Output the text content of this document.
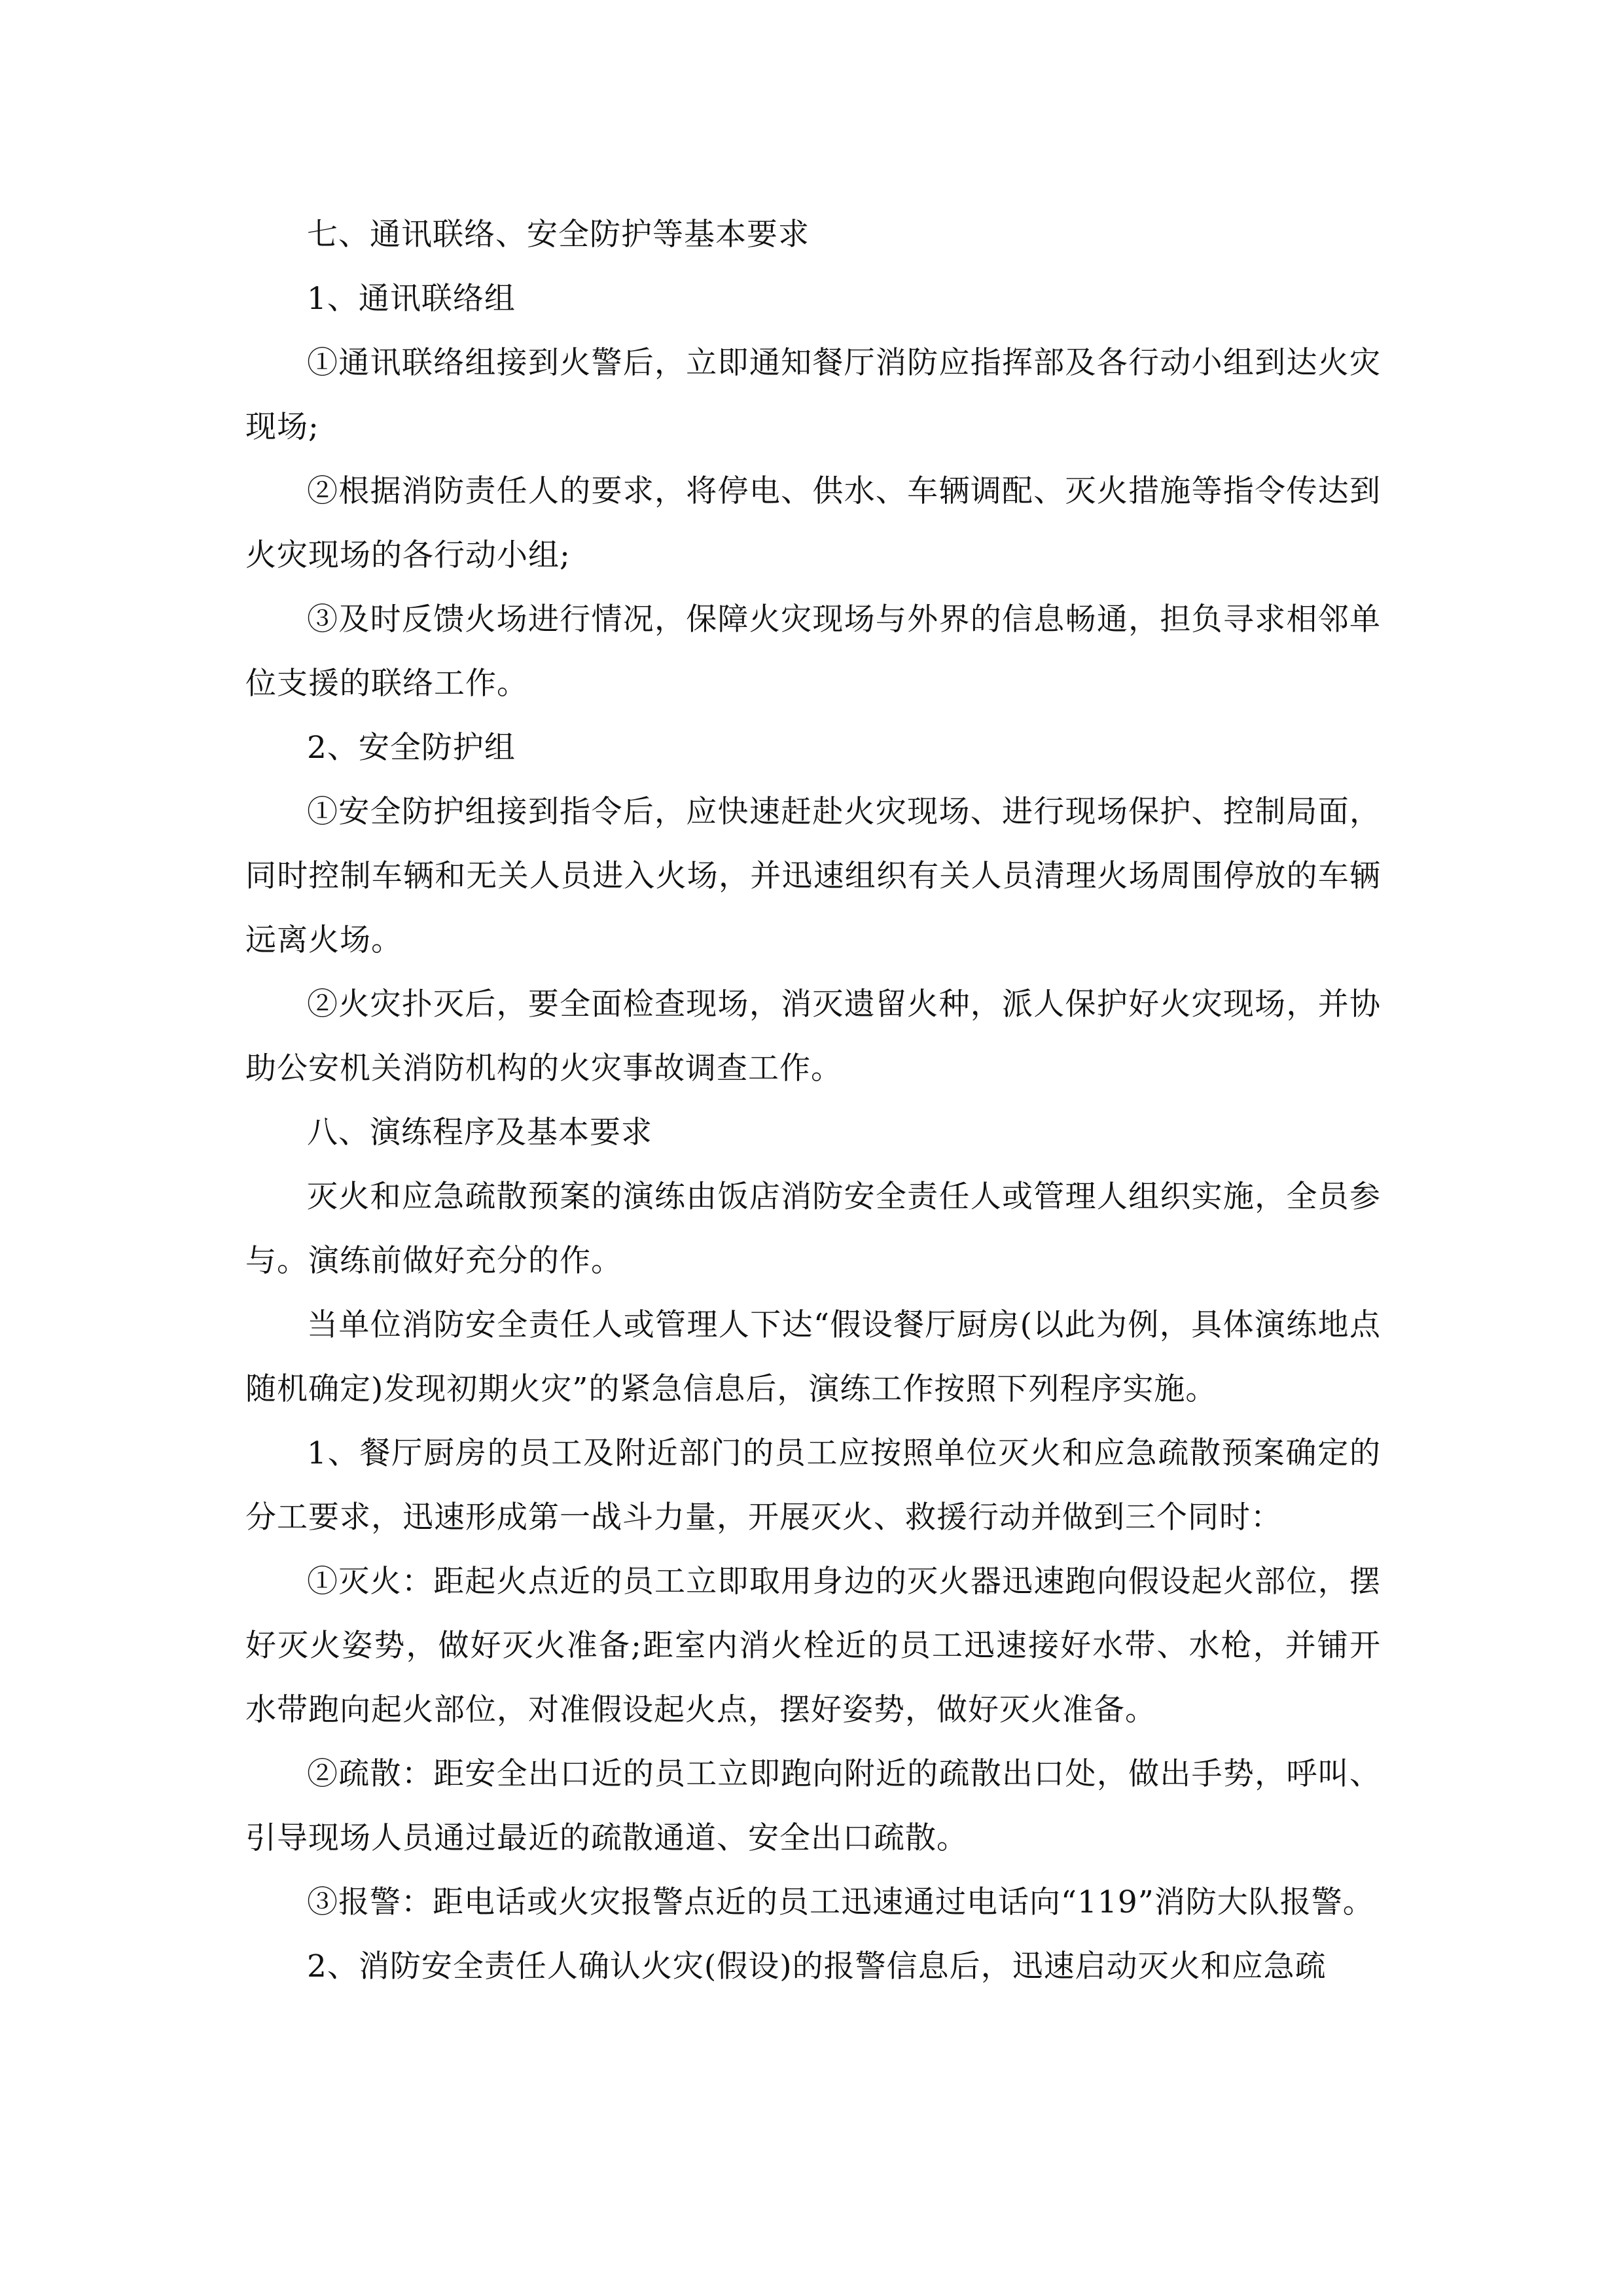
七、通讯联络、安全防护等基本要求

1、通讯联络组

①通讯联络组接到火警后，立即通知餐厅消防应指挥部及各行动小组到达火灾现场;

②根据消防责任人的要求，将停电、供水、车辆调配、灭火措施等指令传达到火灾现场的各行动小组;

③及时反馈火场进行情况，保障火灾现场与外界的信息畅通，担负寻求相邻单位支援的联络工作。

2、安全防护组

①安全防护组接到指令后，应快速赶赴火灾现场、进行现场保护、控制局面，同时控制车辆和无关人员进入火场，并迅速组织有关人员清理火场周围停放的车辆远离火场。

②火灾扑灭后，要全面检查现场，消灭遗留火种，派人保护好火灾现场，并协助公安机关消防机构的火灾事故调查工作。

八、演练程序及基本要求

灭火和应急疏散预案的演练由饭店消防安全责任人或管理人组织实施，全员参与。演练前做好充分的作。

当单位消防安全责任人或管理人下达“假设餐厅厨房(以此为例，具体演练地点随机确定)发现初期火灾”的紧急信息后，演练工作按照下列程序实施。

1、餐厅厨房的员工及附近部门的员工应按照单位灭火和应急疏散预案确定的分工要求，迅速形成第一战斗力量，开展灭火、救援行动并做到三个同时：

①灭火：距起火点近的员工立即取用身边的灭火器迅速跑向假设起火部位，摆好灭火姿势，做好灭火准备;距室内消火栓近的员工迅速接好水带、水枪，并铺开水带跑向起火部位，对准假设起火点，摆好姿势，做好灭火准备。

②疏散：距安全出口近的员工立即跑向附近的疏散出口处，做出手势，呼叫、引导现场人员通过最近的疏散通道、安全出口疏散。

③报警：距电话或火灾报警点近的员工迅速通过电话向“119”消防大队报警。

2、消防安全责任人确认火灾(假设)的报警信息后，迅速启动灭火和应急疏
